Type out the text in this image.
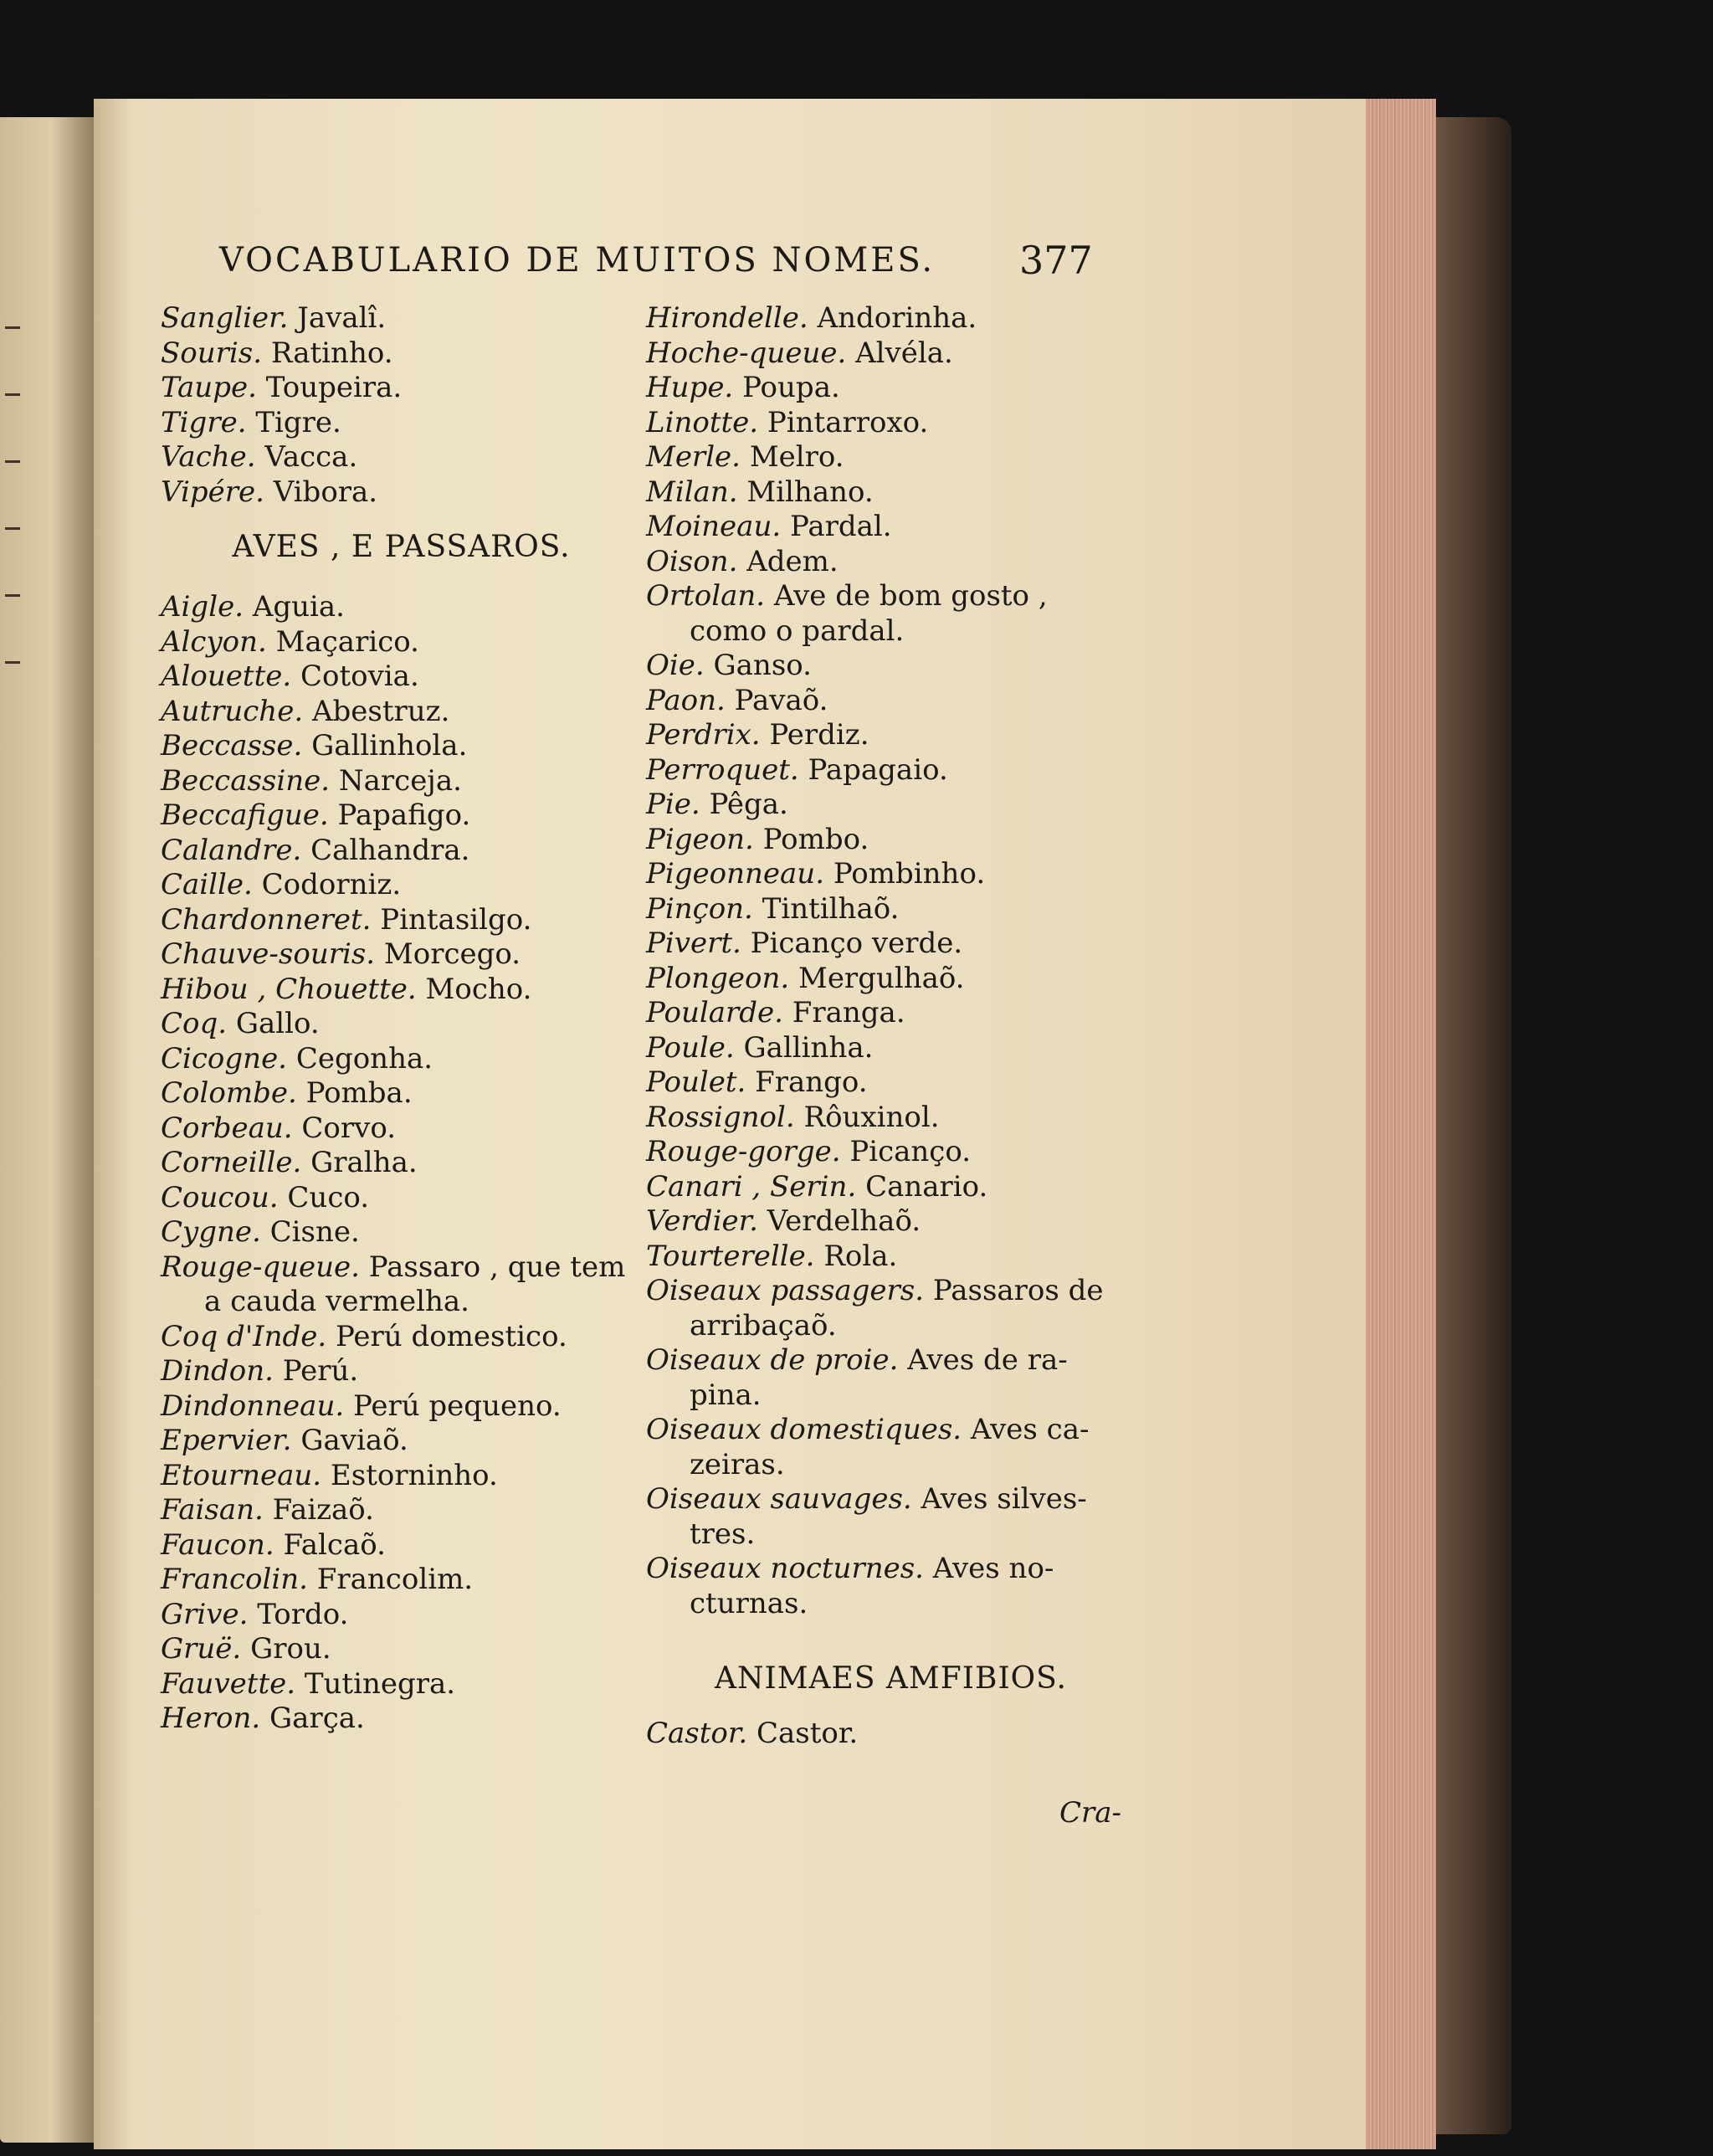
VOCABULARIO DE MUITOS NOMES. 377
Sanglier. Javalî.
Souris. Ratinho.
Taupe. Toupeira.
Tigre. Tigre.
Vache. Vacca.
Vipére. Vibora.
AVES , E PASSAROS.
Aigle. Aguia.
Alcyon. Maçarico.
Alouette. Cotovia.
Autruche. Abestruz.
Beccasse. Gallinhola.
Beccassine. Narceja.
Beccafigue. Papafigo.
Calandre. Calhandra.
Caille. Codorniz.
Chardonneret. Pintasilgo.
Chauve-souris. Morcego.
Hibou , Chouette. Mocho.
Coq. Gallo.
Cicogne. Cegonha.
Colombe. Pomba.
Corbeau. Corvo.
Corneille. Gralha.
Coucou. Cuco.
Cygne. Cisne.
Rouge-queue. Passaro , que tem
a cauda vermelha.
Coq d'Inde. Perú domestico.
Dindon. Perú.
Dindonneau. Perú pequeno.
Epervier. Gaviaõ.
Etourneau. Estorninho.
Faisan. Faizaõ.
Faucon. Falcaõ.
Francolin. Francolim.
Grive. Tordo.
Gruë. Grou.
Fauvette. Tutinegra.
Heron. Garça.
Hirondelle. Andorinha.
Hoche-queue. Alvéla.
Hupe. Poupa.
Linotte. Pintarroxo.
Merle. Melro.
Milan. Milhano.
Moineau. Pardal.
Oison. Adem.
Ortolan. Ave de bom gosto ,
como o pardal.
Oie. Ganso.
Paon. Pavaõ.
Perdrix. Perdiz.
Perroquet. Papagaio.
Pie. Pêga.
Pigeon. Pombo.
Pigeonneau. Pombinho.
Pinçon. Tintilhaõ.
Pivert. Picanço verde.
Plongeon. Mergulhaõ.
Poularde. Franga.
Poule. Gallinha.
Poulet. Frango.
Rossignol. Rôuxinol.
Rouge-gorge. Picanço.
Canari , Serin. Canario.
Verdier. Verdelhaõ.
Tourterelle. Rola.
Oiseaux passagers. Passaros de
arribaçaõ.
Oiseaux de proie. Aves de ra-
pina.
Oiseaux domestiques. Aves ca-
zeiras.
Oiseaux sauvages. Aves silves-
tres.
Oiseaux nocturnes. Aves no-
cturnas.
ANIMAES AMFIBIOS.
Castor. Castor.
Cra-
